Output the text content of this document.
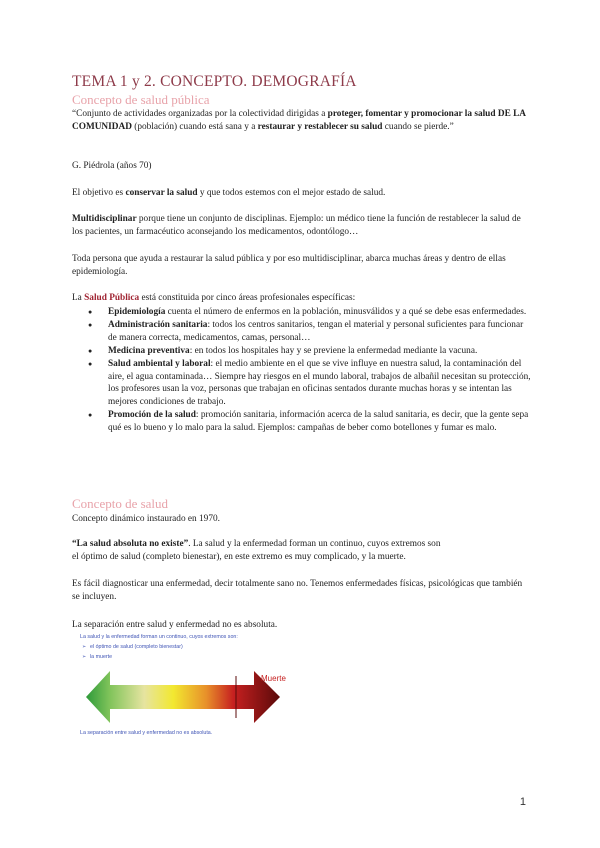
TEMA 1 y 2. CONCEPTO. DEMOGRAFÍA
Concepto de salud pública

“Conjunto de actividades organizadas por la colectividad dirigidas a proteger, fomentar y promocionar la salud DE LA COMUNIDAD (población) cuando está sana y a restaurar y restablecer su salud cuando se pierde.”

G. Piédrola (años 70)

El objetivo es conservar la salud y que todos estemos con el mejor estado de salud.

Multidisciplinar porque tiene un conjunto de disciplinas. Ejemplo: un médico tiene la función de restablecer la salud de los pacientes, un farmacéutico aconsejando los medicamentos, odontólogo…

Toda persona que ayuda a restaurar la salud pública y por eso multidisciplinar, abarca muchas áreas y dentro de ellas epidemiología.

La Salud Pública está constituida por cinco áreas profesionales específicas:

● Epidemiología cuenta el número de enfermos en la población, minusválidos y a qué se debe esas enfermedades.
● Administración sanitaria: todos los centros sanitarios, tengan el material y personal suficientes para funcionar de manera correcta, medicamentos, camas, personal…
● Medicina preventiva: en todos los hospitales hay y se previene la enfermedad mediante la vacuna.
● Salud ambiental y laboral: el medio ambiente en el que se vive influye en nuestra salud, la contaminación del aire, el agua contaminada… Siempre hay riesgos en el mundo laboral, trabajos de albañil necesitan su protección, los profesores usan la voz, personas que trabajan en oficinas sentados durante muchas horas y se intentan las mejores condiciones de trabajo.
● Promoción de la salud: promoción sanitaria, información acerca de la salud sanitaria, es decir, que la gente sepa qué es lo bueno y lo malo para la salud. Ejemplos: campañas de beber como botellones y fumar es malo.
Concepto de salud

Concepto dinámico instaurado en 1970.

“La salud absoluta no existe”. La salud y la enfermedad forman un continuo, cuyos extremos son
el óptimo de salud (completo bienestar), en este extremo es muy complicado, y la muerte.

Es fácil diagnosticar una enfermedad, decir totalmente sano no. Tenemos enfermedades físicas, psicológicas que también se incluyen.

La separación entre salud y enfermedad no es absoluta.

La salud y la enfermedad forman un continuo, cuyos extremos son:
➢ el óptimo de salud (completo bienestar)
➢ la muerte
Muerte
La separación entre salud y enfermedad no es absoluta.
1
